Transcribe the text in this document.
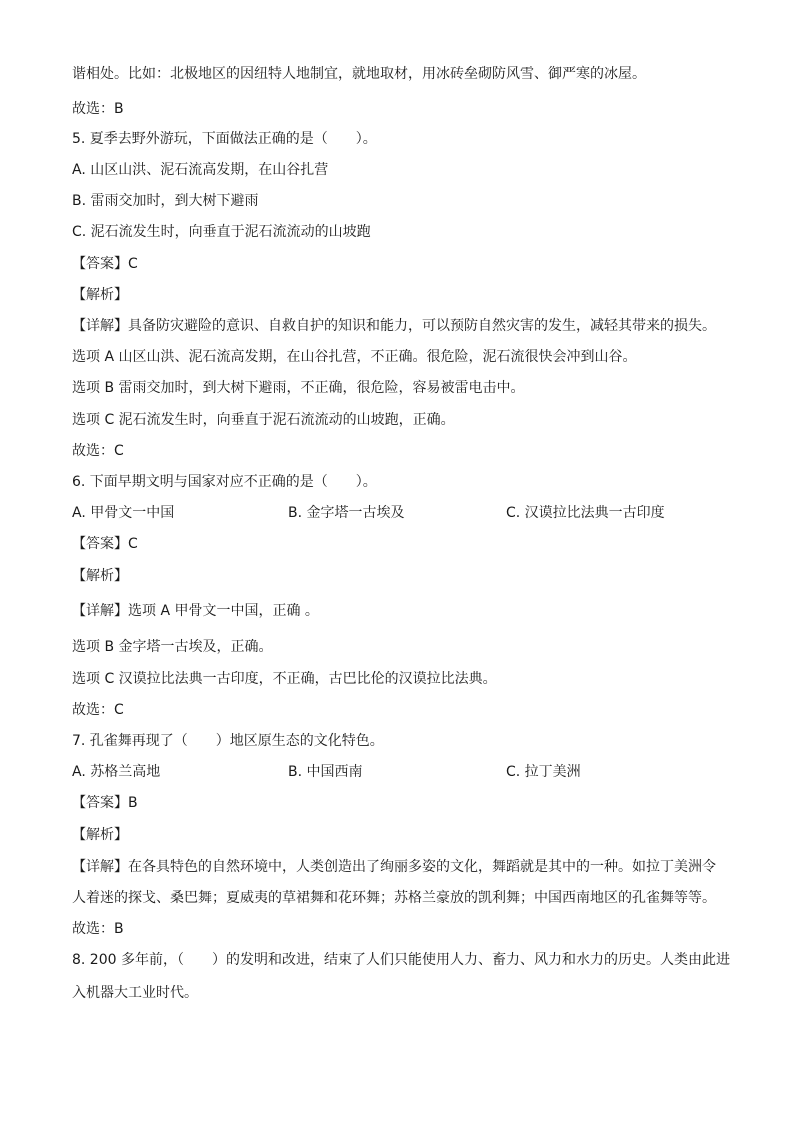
谐相处。比如：北极地区的因纽特人地制宜，就地取材，用冰砖垒砌防风雪、御严寒的冰屋。
故选：B
5. 夏季去野外游玩，下面做法正确的是（　　）。
A. 山区山洪、泥石流高发期，在山谷扎营
B. 雷雨交加时，到大树下避雨
C. 泥石流发生时，向垂直于泥石流流动的山坡跑
【答案】C
【解析】
【详解】具备防灾避险的意识、自救自护的知识和能力，可以预防自然灾害的发生，减轻其带来的损失。
选项 A 山区山洪、泥石流高发期，在山谷扎营，不正确。很危险，泥石流很快会冲到山谷。
选项 B 雷雨交加时，到大树下避雨，不正确，很危险，容易被雷电击中。
选项 C 泥石流发生时，向垂直于泥石流流动的山坡跑，正确。
故选：C
6. 下面早期文明与国家对应不正确的是（　　）。
A. 甲骨文一中国	B. 金字塔一古埃及	C. 汉谟拉比法典一古印度
【答案】C
【解析】
【详解】选项 A 甲骨文一中国，正确 。
选项 B 金字塔一古埃及，正确。
选项 C 汉谟拉比法典一古印度，不正确，古巴比伦的汉谟拉比法典。
故选：C
7. 孔雀舞再现了（　　）地区原生态的文化特色。
A. 苏格兰高地	B. 中国西南	C. 拉丁美洲
【答案】B
【解析】
【详解】在各具特色的自然环境中，人类创造出了绚丽多姿的文化，舞蹈就是其中的一种。如拉丁美洲令
人着迷的探戈、桑巴舞；夏威夷的草裙舞和花环舞；苏格兰豪放的凯利舞；中国西南地区的孔雀舞等等。
故选：B
8. 200 多年前，（　　）的发明和改进，结束了人们只能使用人力、畜力、风力和水力的历史。人类由此进
入机器大工业时代。
